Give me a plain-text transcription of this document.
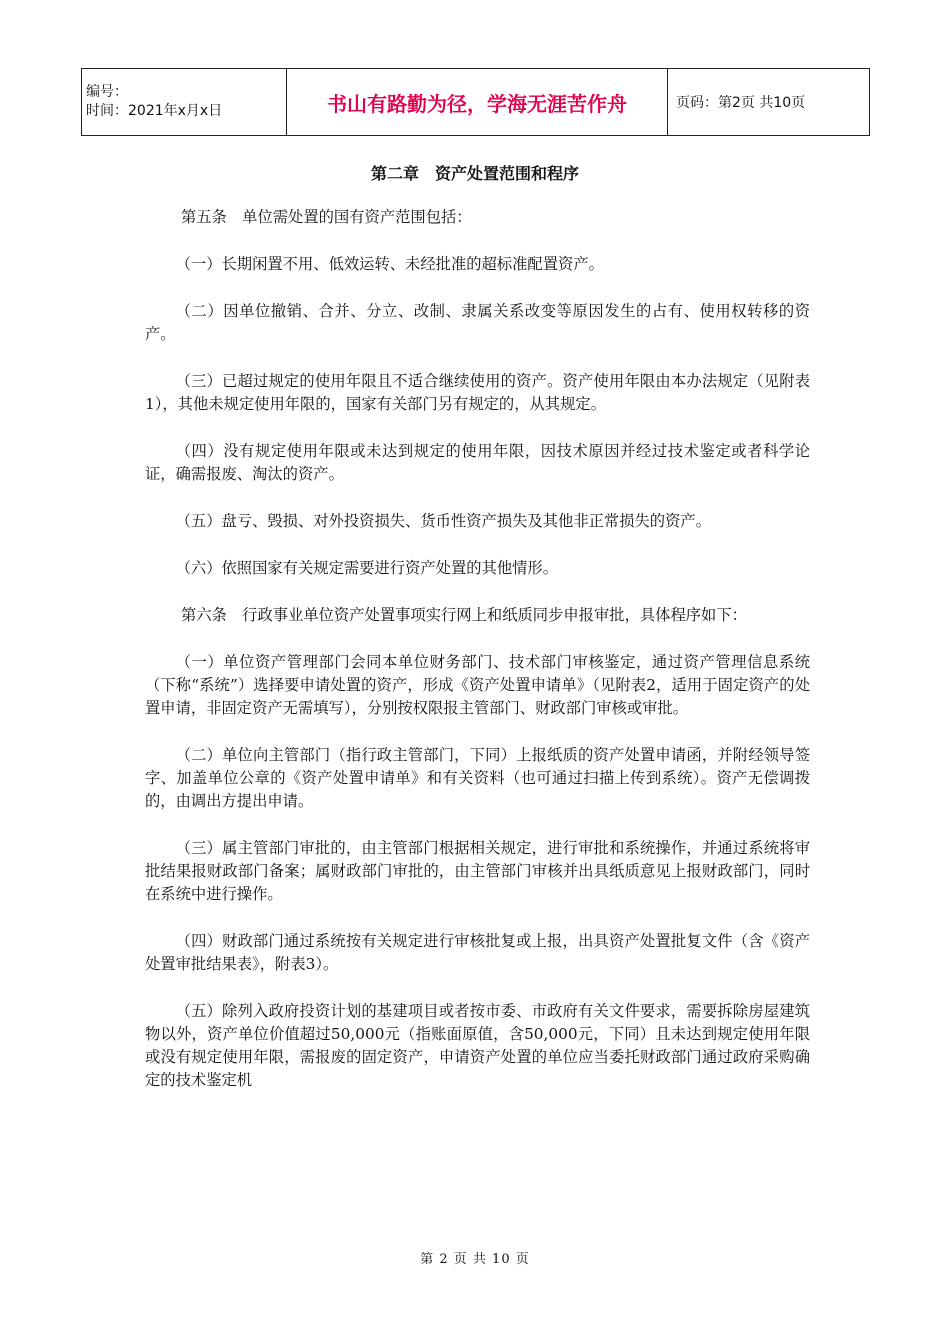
编号：
时间：2021年x月x日	书山有路勤为径，学海无涯苦作舟	页码：第2页 共10页
第二章　资产处置范围和程序

第五条　单位需处置的国有资产范围包括：

（一）长期闲置不用、低效运转、未经批准的超标准配置资产。

（二）因单位撤销、合并、分立、改制、隶属关系改变等原因发生的占有、使用权转移的资产。

（三）已超过规定的使用年限且不适合继续使用的资产。资产使用年限由本办法规定（见附表1），其他未规定使用年限的，国家有关部门另有规定的，从其规定。

（四）没有规定使用年限或未达到规定的使用年限，因技术原因并经过技术鉴定或者科学论证，确需报废、淘汰的资产。

（五）盘亏、毁损、对外投资损失、货币性资产损失及其他非正常损失的资产。

（六）依照国家有关规定需要进行资产处置的其他情形。

第六条　行政事业单位资产处置事项实行网上和纸质同步申报审批，具体程序如下：

（一）单位资产管理部门会同本单位财务部门、技术部门审核鉴定，通过资产管理信息系统（下称“系统”）选择要申请处置的资产，形成《资产处置申请单》（见附表2，适用于固定资产的处置申请，非固定资产无需填写），分别按权限报主管部门、财政部门审核或审批。

（二）单位向主管部门（指行政主管部门，下同）上报纸质的资产处置申请函，并附经领导签字、加盖单位公章的《资产处置申请单》和有关资料（也可通过扫描上传到系统）。资产无偿调拨的，由调出方提出申请。

（三）属主管部门审批的，由主管部门根据相关规定，进行审批和系统操作，并通过系统将审批结果报财政部门备案；属财政部门审批的，由主管部门审核并出具纸质意见上报财政部门，同时在系统中进行操作。

（四）财政部门通过系统按有关规定进行审核批复或上报，出具资产处置批复文件（含《资产处置审批结果表》，附表3）。

（五）除列入政府投资计划的基建项目或者按市委、市政府有关文件要求，需要拆除房屋建筑物以外，资产单位价值超过50,000元（指账面原值，含50,000元，下同）且未达到规定使用年限或没有规定使用年限，需报废的固定资产，申请资产处置的单位应当委托财政部门通过政府采购确定的技术鉴定机

第 2 页 共 10 页
